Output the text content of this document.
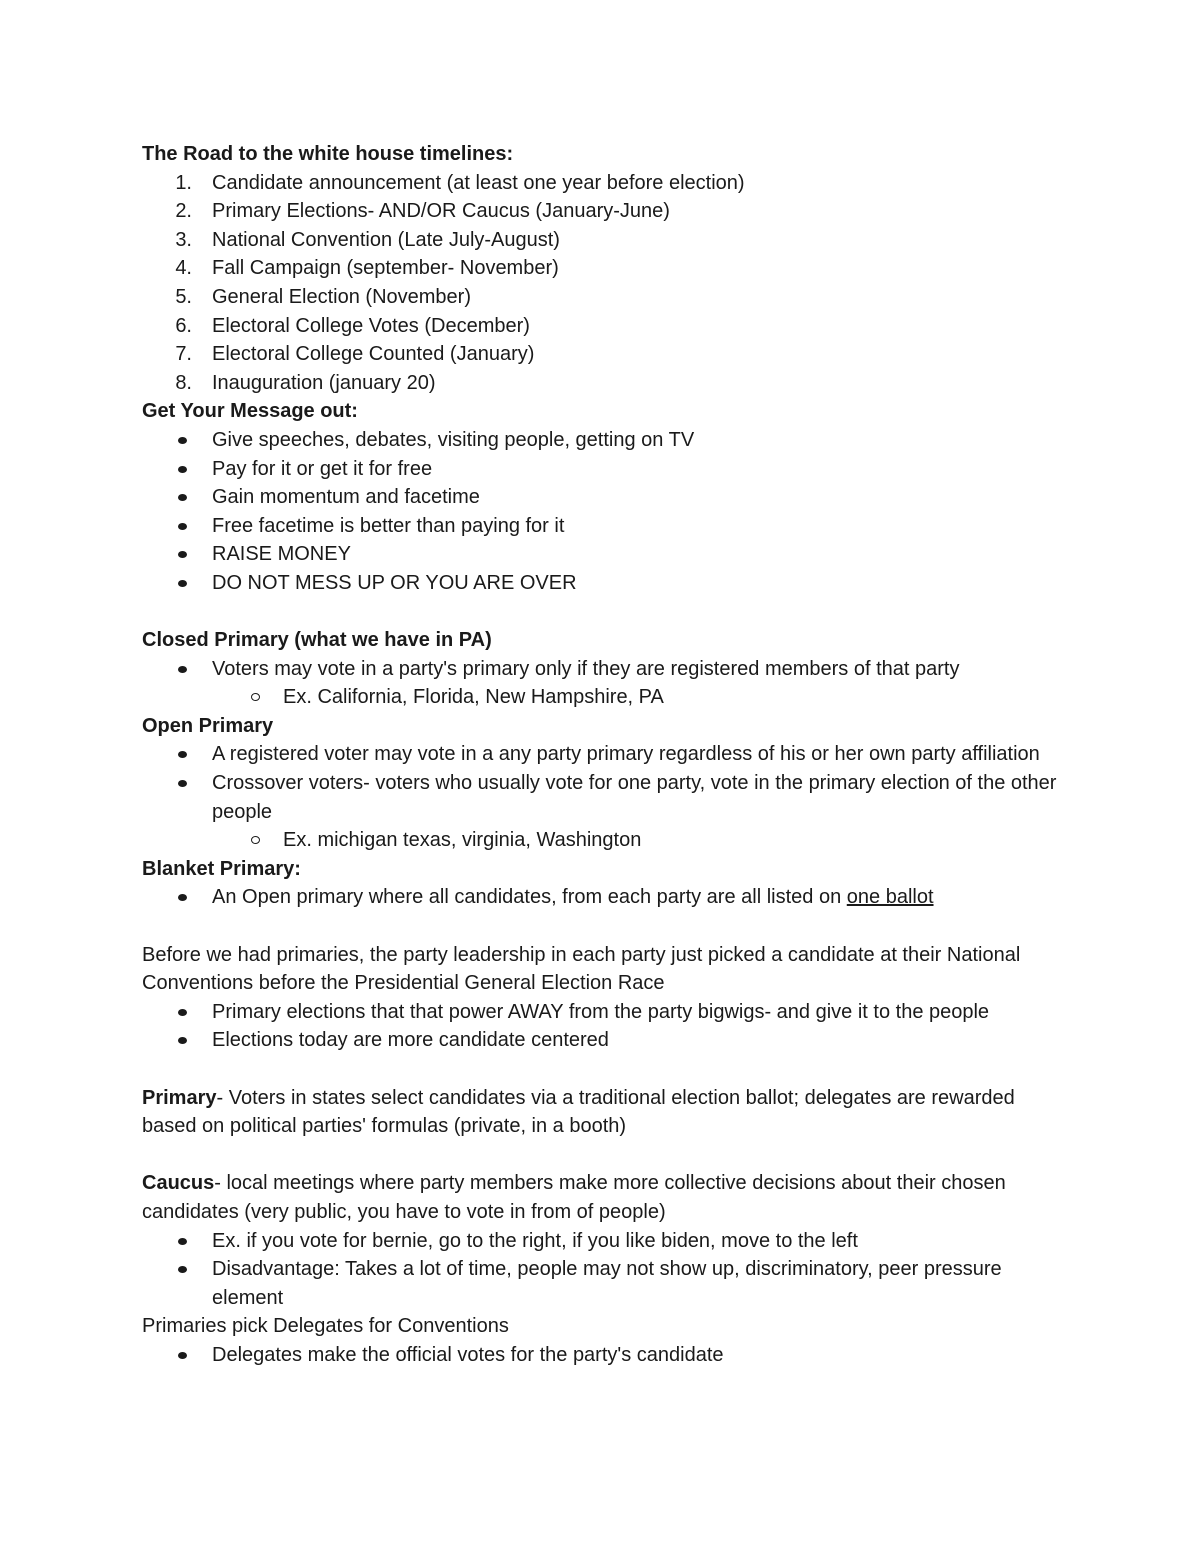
The Road to the white house timelines:

1. Candidate announcement (at least one year before election)
2. Primary Elections- AND/OR Caucus (January-June)
3. National Convention (Late July-August)
4. Fall Campaign (september- November)
5. General Election (November)
6. Electoral College Votes (December)
7. Electoral College Counted (January)
8. Inauguration (january 20)

Get Your Message out:

Give speeches, debates, visiting people, getting on TV
Pay for it or get it for free
Gain momentum and facetime
Free facetime is better than paying for it
RAISE MONEY
DO NOT MESS UP OR YOU ARE OVER

Closed Primary (what we have in PA)

Voters may vote in a party's primary only if they are registered members of that party
Ex. California, Florida, New Hampshire, PA

Open Primary

A registered voter may vote in a any party primary regardless of his or her own party affiliation
Crossover voters- voters who usually vote for one party, vote in the primary election of the other people
Ex. michigan texas, virginia, Washington

Blanket Primary:

An Open primary where all candidates, from each party are all listed on one ballot

Before we had primaries, the party leadership in each party just picked a candidate at their National Conventions before the Presidential General Election Race

Primary elections that that power AWAY from the party bigwigs- and give it to the people
Elections today are more candidate centered

Primary- Voters in states select candidates via a traditional election ballot; delegates are rewarded based on political parties' formulas (private, in a booth)

Caucus- local meetings where party members make more collective decisions about their chosen candidates (very public, you have to vote in from of people)

Ex. if you vote for bernie, go to the right, if you like biden, move to the left
Disadvantage: Takes a lot of time, people may not show up, discriminatory, peer pressure element

Primaries pick Delegates for Conventions

Delegates make the official votes for the party's candidate
